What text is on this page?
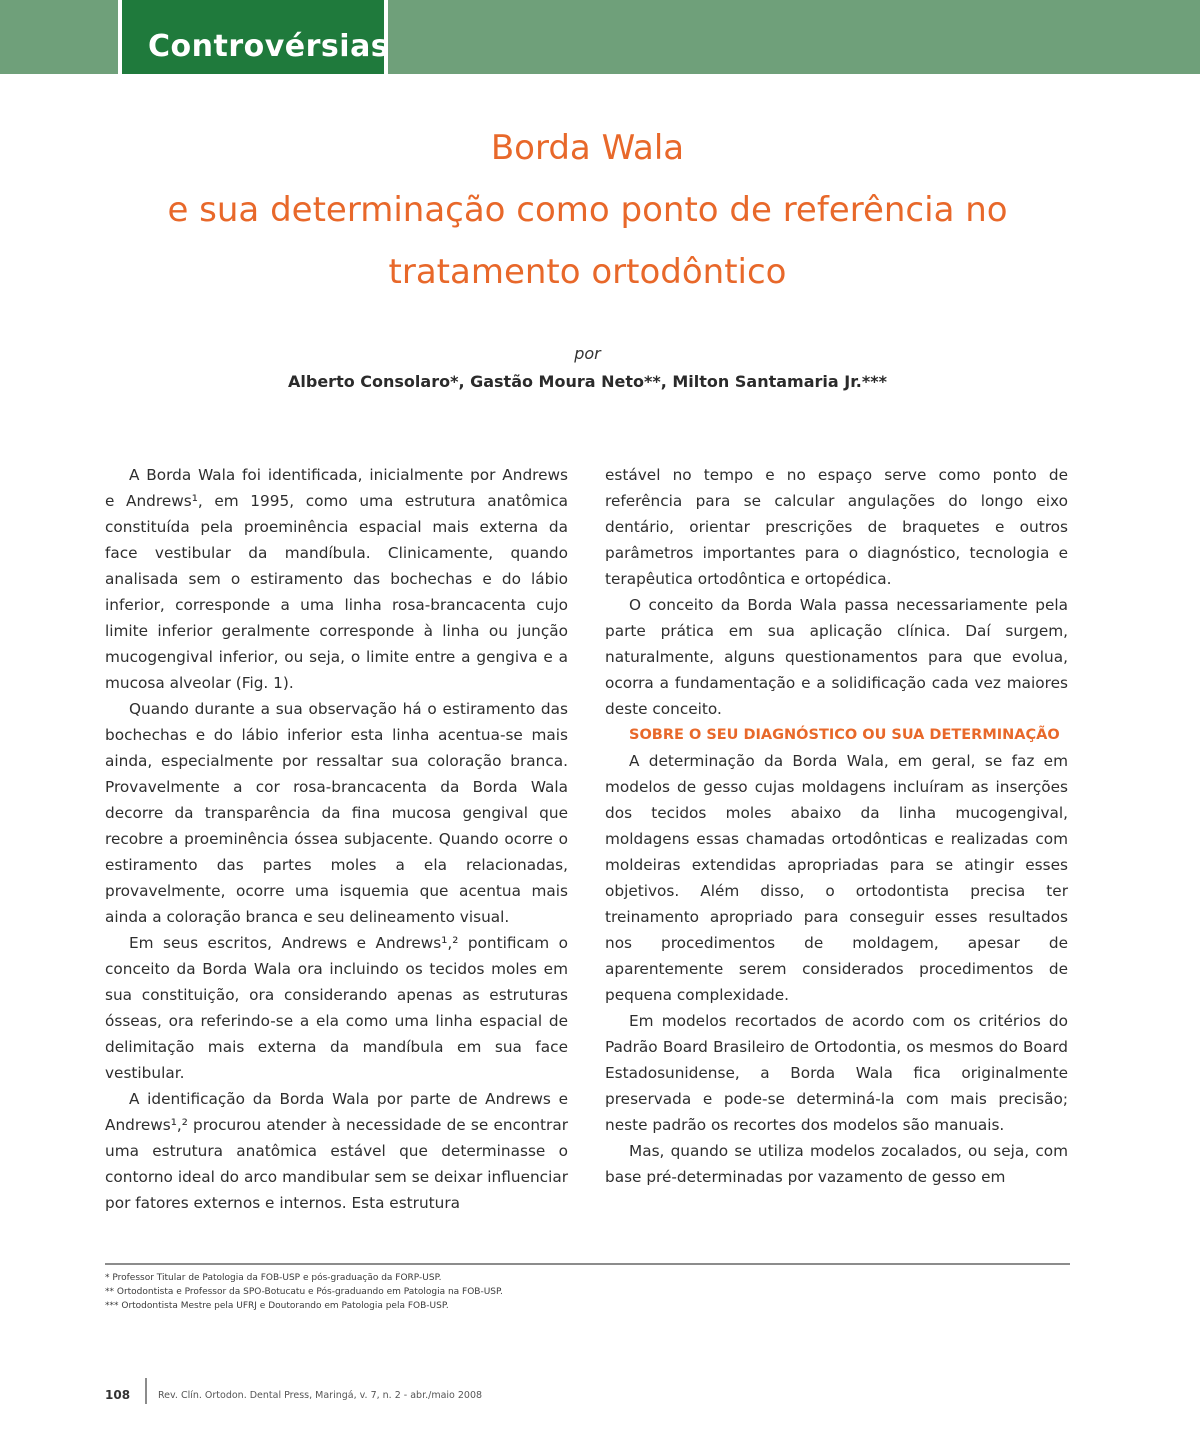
Controvérsias
Borda Wala
e sua determinação como ponto de referência no
tratamento ortodôntico
por
Alberto Consolaro*, Gastão Moura Neto**, Milton Santamaria Jr.***

A Borda Wala foi identificada, inicialmente por Andrews e Andrews¹, em 1995, como uma estrutura anatômica constituída pela proeminência espacial mais externa da face vestibular da mandíbula. Clinicamente, quando analisada sem o estiramento das bochechas e do lábio inferior, corresponde a uma linha rosa-brancacenta cujo limite inferior geralmente corresponde à linha ou junção mucogengival inferior, ou seja, o limite entre a gengiva e a mucosa alveolar (Fig. 1).

Quando durante a sua observação há o estiramento das bochechas e do lábio inferior esta linha acentua-se mais ainda, especialmente por ressaltar sua coloração branca. Provavelmente a cor rosa-brancacenta da Borda Wala decorre da transparência da fina mucosa gengival que recobre a proeminência óssea subjacente. Quando ocorre o estiramento das partes moles a ela relacionadas, provavelmente, ocorre uma isquemia que acentua mais ainda a coloração branca e seu delineamento visual.

Em seus escritos, Andrews e Andrews¹,² pontificam o conceito da Borda Wala ora incluindo os tecidos moles em sua constituição, ora considerando apenas as estruturas ósseas, ora referindo-se a ela como uma linha espacial de delimitação mais externa da mandíbula em sua face vestibular.

A identificação da Borda Wala por parte de Andrews e Andrews¹,² procurou atender à necessidade de se encontrar uma estrutura anatômica estável que determinasse o contorno ideal do arco mandibular sem se deixar influenciar por fatores externos e internos. Esta estrutura

estável no tempo e no espaço serve como ponto de referência para se calcular angulações do longo eixo dentário, orientar prescrições de braquetes e outros parâmetros importantes para o diagnóstico, tecnologia e terapêutica ortodôntica e ortopédica.

O conceito da Borda Wala passa necessariamente pela parte prática em sua aplicação clínica. Daí surgem, naturalmente, alguns questionamentos para que evolua, ocorra a fundamentação e a solidificação cada vez maiores deste conceito.

SOBRE O SEU DIAGNÓSTICO OU SUA DETERMINAÇÃO

A determinação da Borda Wala, em geral, se faz em modelos de gesso cujas moldagens incluíram as inserções dos tecidos moles abaixo da linha mucogengival, moldagens essas chamadas ortodônticas e realizadas com moldeiras extendidas apropriadas para se atingir esses objetivos. Além disso, o ortodontista precisa ter treinamento apropriado para conseguir esses resultados nos procedimentos de moldagem, apesar de aparentemente serem considerados procedimentos de pequena complexidade.

Em modelos recortados de acordo com os critérios do Padrão Board Brasileiro de Ortodontia, os mesmos do Board Estadosunidense, a Borda Wala fica originalmente preservada e pode-se determiná-la com mais precisão; neste padrão os recortes dos modelos são manuais.

Mas, quando se utiliza modelos zocalados, ou seja, com base pré-determinadas por vazamento de gesso em

* Professor Titular de Patologia da FOB-USP e pós-graduação da FORP-USP.
** Ortodontista e Professor da SPO-Botucatu e Pós-graduando em Patologia na FOB-USP.
*** Ortodontista Mestre pela UFRJ e Doutorando em Patologia pela FOB-USP.
108	Rev. Clín. Ortodon. Dental Press, Maringá, v. 7, n. 2 - abr./maio 2008
